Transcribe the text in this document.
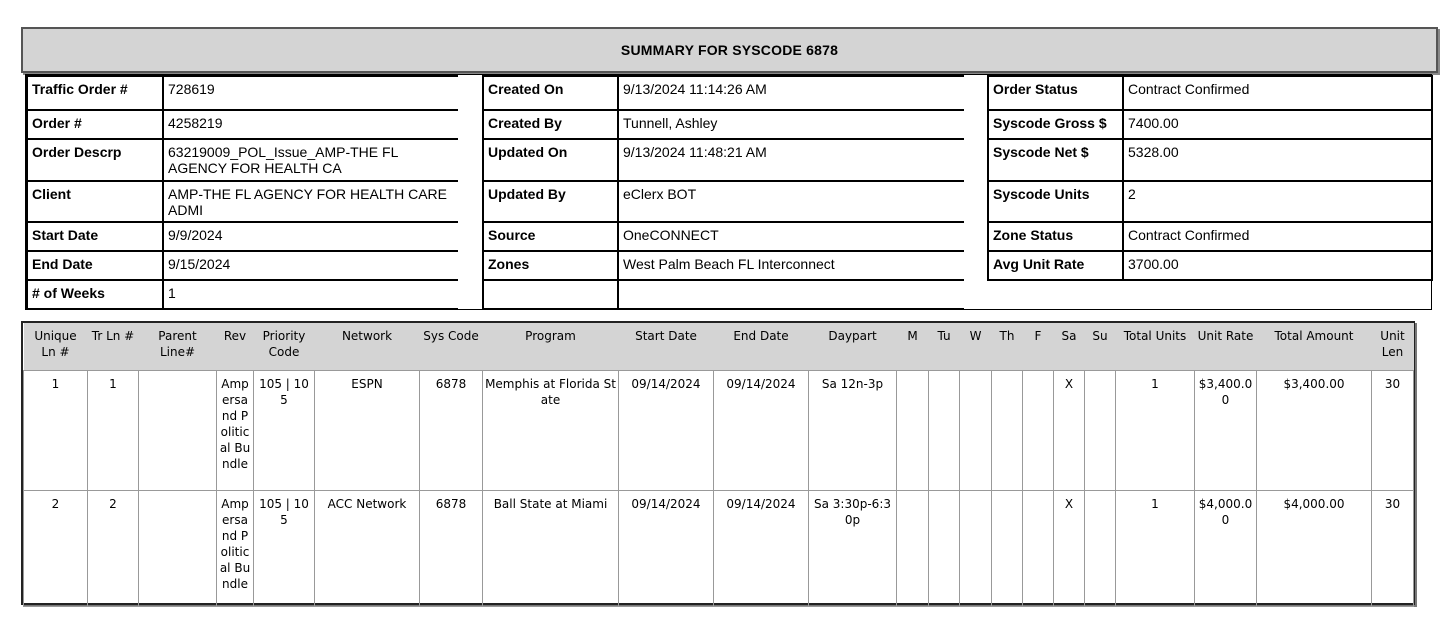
SUMMARY FOR SYSCODE 6878
Traffic Order #	728619
Order #	4258219
Order Descrp	63219009_POL_Issue_AMP-THE FL AGENCY FOR HEALTH CA
Client	AMP-THE FL AGENCY FOR HEALTH CARE ADMI
Start Date	9/9/2024
End Date	9/15/2024
# of Weeks	1
Created On	9/13/2024 11:14:26 AM
Created By	Tunnell, Ashley
Updated On	9/13/2024 11:48:21 AM
Updated By	eClerx BOT
Source	OneCONNECT
Zones	West Palm Beach FL Interconnect
Order Status	Contract Confirmed
Syscode Gross $	7400.00
Syscode Net $	5328.00
Syscode Units	2
Zone Status	Contract Confirmed
Avg Unit Rate	3700.00
Unique Ln #	Tr Ln #	Parent Line#	Rev	Priority Code	Network	Sys Code	Program	Start Date	End Date	Daypart	M	Tu	W	Th	F	Sa	Su	Total Units	Unit Rate	Total Amount	Unit Len
1	1		Ampersand Political Bundle	105 | 105	ESPN	6878	Memphis at Florida State	09/14/2024	09/14/2024	Sa 12n-3p						X		1	$3,400.00	$3,400.00	30
2	2		Ampersand Political Bundle	105 | 105	ACC Network	6878	Ball State at Miami	09/14/2024	09/14/2024	Sa 3:30p-6:30p						X		1	$4,000.00	$4,000.00	30
